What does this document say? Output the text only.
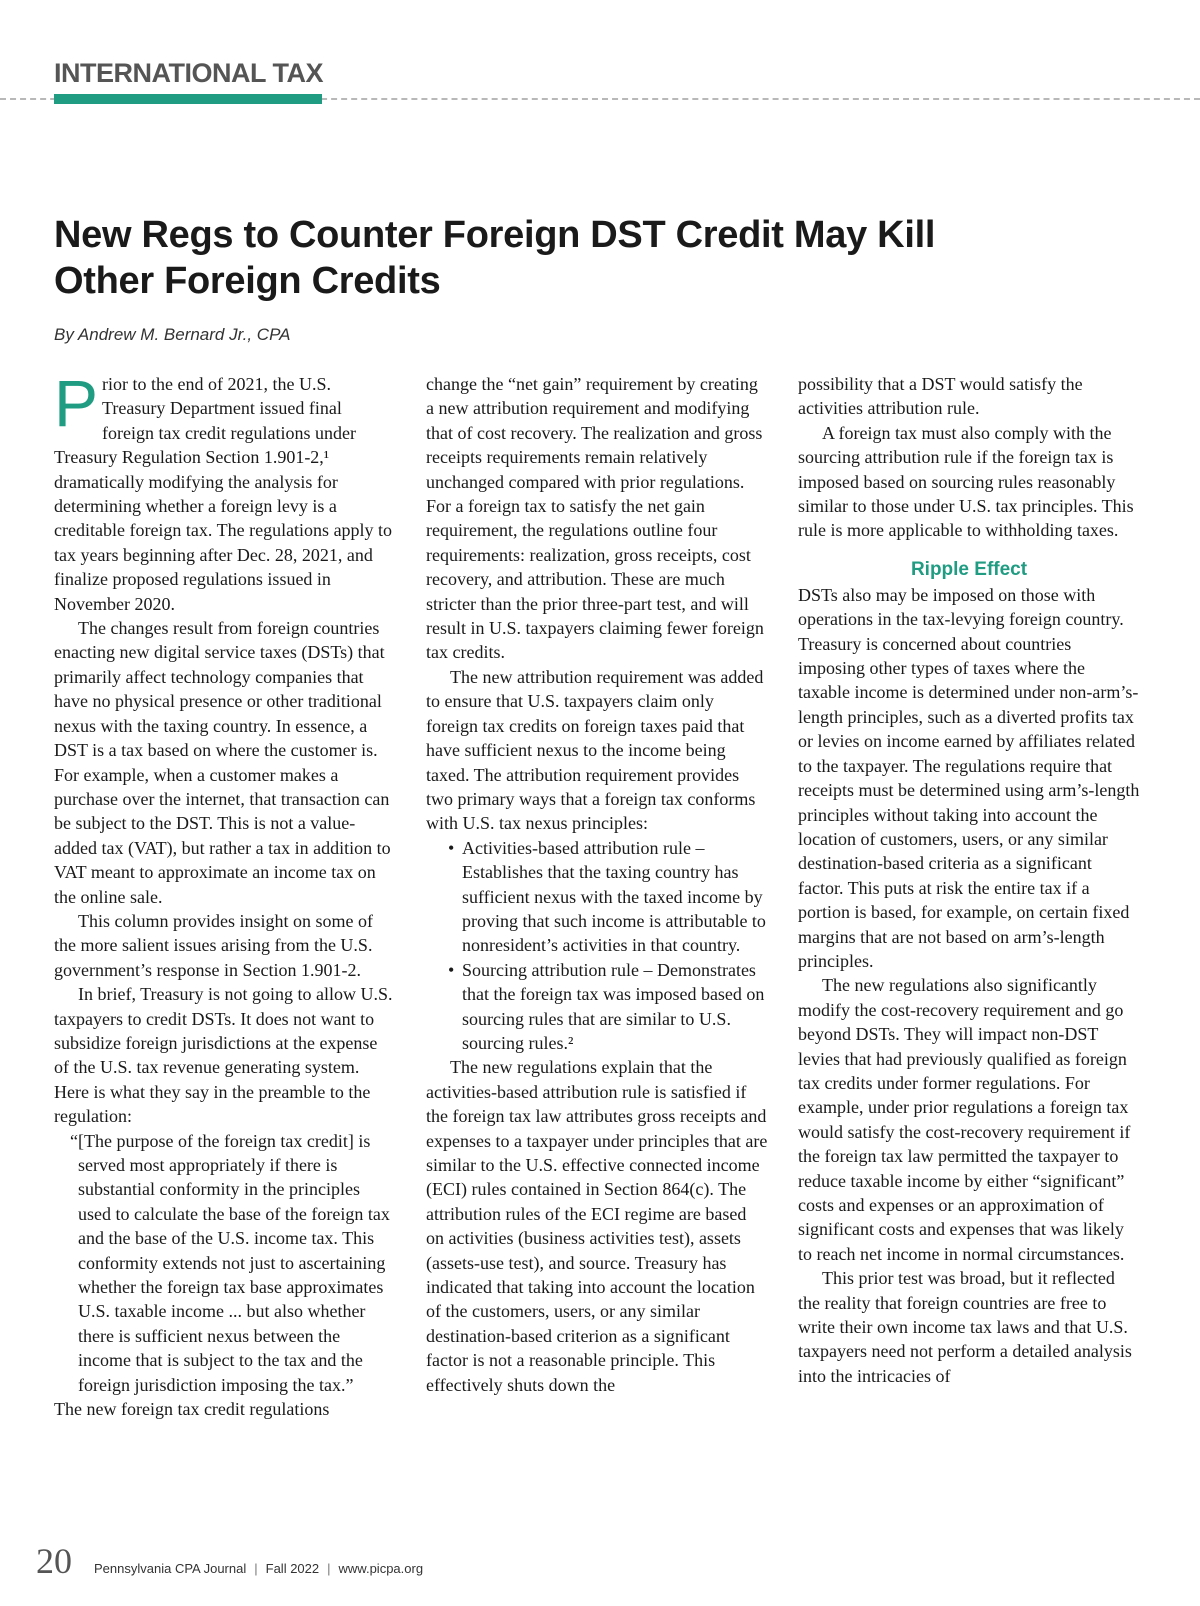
INTERNATIONAL TAX
New Regs to Counter Foreign DST Credit May Kill
Other Foreign Credits

By Andrew M. Bernard Jr., CPA

Prior to the end of 2021, the U.S. Treasury Department issued final foreign tax credit regulations under Treasury Regulation Section 1.901-2,¹ dramatically modifying the analysis for determining whether a foreign levy is a creditable foreign tax. The regulations apply to tax years beginning after Dec. 28, 2021, and finalize proposed regulations issued in November 2020.

The changes result from foreign countries enacting new digital service taxes (DSTs) that primarily affect technology companies that have no physical presence or other traditional nexus with the taxing country. In essence, a DST is a tax based on where the customer is. For example, when a customer makes a purchase over the internet, that transaction can be subject to the DST. This is not a value-added tax (VAT), but rather a tax in addition to VAT meant to approximate an income tax on the online sale.

This column provides insight on some of the more salient issues arising from the U.S. government’s response in Section 1.901-2.

In brief, Treasury is not going to allow U.S. taxpayers to credit DSTs. It does not want to subsidize foreign jurisdictions at the expense of the U.S. tax revenue generating system. Here is what they say in the preamble to the regulation:

“[The purpose of the foreign tax credit] is served most appropriately if there is substantial conformity in the principles used to calculate the base of the foreign tax and the base of the U.S. income tax. This conformity extends not just to ascertaining whether the foreign tax base approximates U.S. taxable income ... but also whether there is sufficient nexus between the income that is subject to the tax and the foreign jurisdiction imposing the tax.”

The new foreign tax credit regulations

change the “net gain” requirement by creating a new attribution requirement and modifying that of cost recovery. The realization and gross receipts requirements remain relatively unchanged compared with prior regulations. For a foreign tax to satisfy the net gain requirement, the regulations outline four requirements: realization, gross receipts, cost recovery, and attribution. These are much stricter than the prior three-part test, and will result in U.S. taxpayers claiming fewer foreign tax credits.

The new attribution requirement was added to ensure that U.S. taxpayers claim only foreign tax credits on foreign taxes paid that have sufficient nexus to the income being taxed. The attribution requirement provides two primary ways that a foreign tax conforms with U.S. tax nexus principles:

• Activities-based attribution rule – Establishes that the taxing country has sufficient nexus with the taxed income by proving that such income is attributable to nonresident’s activities in that country.
• Sourcing attribution rule – Demonstrates that the foreign tax was imposed based on sourcing rules that are similar to U.S. sourcing rules.²

The new regulations explain that the activities-based attribution rule is satisfied if the foreign tax law attributes gross receipts and expenses to a taxpayer under principles that are similar to the U.S. effective connected income (ECI) rules contained in Section 864(c). The attribution rules of the ECI regime are based on activities (business activities test), assets (assets-use test), and source. Treasury has indicated that taking into account the location of the customers, users, or any similar destination-based criterion as a significant factor is not a reasonable principle. This effectively shuts down the

possibility that a DST would satisfy the activities attribution rule.

A foreign tax must also comply with the sourcing attribution rule if the foreign tax is imposed based on sourcing rules reasonably similar to those under U.S. tax principles. This rule is more applicable to withholding taxes.

Ripple Effect

DSTs also may be imposed on those with operations in the tax-levying foreign country. Treasury is concerned about countries imposing other types of taxes where the taxable income is determined under non-arm’s-length principles, such as a diverted profits tax or levies on income earned by affiliates related to the taxpayer. The regulations require that receipts must be determined using arm’s-length principles without taking into account the location of customers, users, or any similar destination-based criteria as a significant factor. This puts at risk the entire tax if a portion is based, for example, on certain fixed margins that are not based on arm’s-length principles.

The new regulations also significantly modify the cost-recovery requirement and go beyond DSTs. They will impact non-DST levies that had previously qualified as foreign tax credits under former regulations. For example, under prior regulations a foreign tax would satisfy the cost-recovery requirement if the foreign tax law permitted the taxpayer to reduce taxable income by either “significant” costs and expenses or an approximation of significant costs and expenses that was likely to reach net income in normal circumstances.

This prior test was broad, but it reflected the reality that foreign countries are free to write their own income tax laws and that U.S. taxpayers need not perform a detailed analysis into the intricacies of

20 Pennsylvania CPA Journal | Fall 2022 | www.picpa.org
